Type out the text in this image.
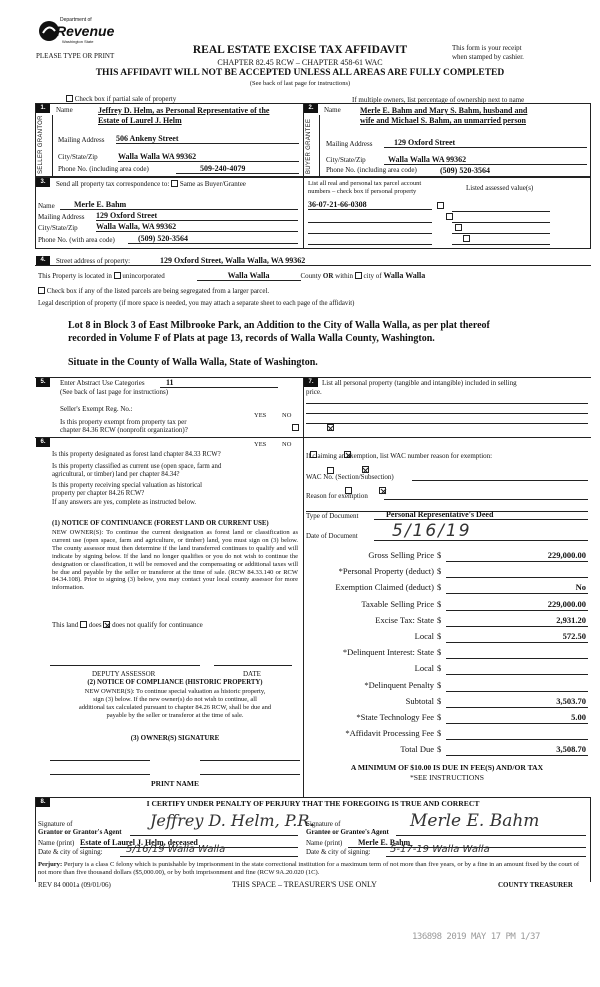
Department of
Revenue
Washington State
PLEASE TYPE OR PRINT	REAL ESTATE EXCISE TAX AFFIDAVIT
CHAPTER 82.45 RCW – CHAPTER 458-61 WAC
This form is your receipt
when stamped by cashier.
THIS AFFIDAVIT WILL NOT BE ACCEPTED UNLESS ALL AREAS ARE FULLY COMPLETED
(See back of last page for instructions)
Check box if partial sale of property	If multiple owners, list percentage of ownership next to name
1.
SELLER GRANTOR
Name	Jeffrey D. Helm, as Personal Representative of the
Estate of Laurel J. Helm
Mailing Address 506 Ankeny Street
City/State/Zip	Walla Walla WA 99362
Phone No. (including area code)	509-240-4079
2.
BUYER GRANTEE
Name Merle E. Bahm and Mary S. Bahm, husband and
wife and Michael S. Bahm, an unmarried person
Mailing Address	129 Oxford Street
City/State/Zip	Walla Walla WA 99362
Phone No. (including area code)	(509) 520-3564
3.	Send all property tax correspondence to: Same as Buyer/Grantee
Name	Merle E. Bahm
Mailing Address 129 Oxford Street
City/State/Zip Walla Walla, WA 99362
Phone No. (with area code)	(509) 520-3564
List all real and personal tax parcel account
numbers – check box if personal property	Listed assessed value(s)
36-07-21-66-0308

4.	Street address of property:	129 Oxford Street, Walla Walla, WA 99362
This Property is located in unincorporated	Walla Walla	County OR within city of Walla Walla
Check box if any of the listed parcels are being segregated from a larger parcel.
Legal description of property (if more space is needed, you may attach a separate sheet to each page of the affidavit)
Lot 8 in Block 3 of East Milbrooke Park, an Addition to the City of Walla Walla, as per plat thereof
recorded in Volume F of Plats at page 13, records of Walla Walla County, Washington.
Situate in the County of Walla Walla, State of Washington.
5.	Enter Abstract Use Categories	11
(See back of last page for instructions)
Seller's Exempt Reg. No.:
YES NO
Is this property exempt from property tax per
chapter 84.36 RCW (nonprofit organization)?

6.	YES NO
Is this property designated as forest land chapter 84.33 RCW?

Is this property classified as current use (open space, farm and
agricultural, or timber) land per chapter 84.34?

Is this property receiving special valuation as historical
property per chapter 84.26 RCW?

If any answers are yes, complete as instructed below.
(1) NOTICE OF CONTINUANCE (FOREST LAND OR CURRENT USE)
NEW OWNER(S): To continue the current designation as forest land or classification as current use (open space, farm and agriculture, or timber) land, you must sign on (3) below. The county assessor must then determine if the land transferred continues to qualify and will indicate by signing below. If the land no longer qualifies or you do not wish to continue the designation or classification, it will be removed and the compensating or additional taxes will be due and payable by the seller or transferor at the time of sale. (RCW 84.33.140 or RCW 84.34.108). Prior to signing (3) below, you may contact your local county assessor for more information.
This land does does not qualify for continuance
DEPUTY ASSESSOR	DATE
(2) NOTICE OF COMPLIANCE (HISTORIC PROPERTY)
NEW OWNER(S): To continue special valuation as historic property,
sign (3) below. If the new owner(s) do not wish to continue, all
additional tax calculated pursuant to chapter 84.26 RCW, shall be due and
payable by the seller or transferor at the time of sale.
(3) OWNER(S) SIGNATURE
PRINT NAME
7.	List all personal property (tangible and intangible) included in selling
price.
If claiming an exemption, list WAC number reason for exemption:
WAC No. (Section/Subsection)
Reason for exemption
Type of Document	Personal Representative's Deed
Date of Document 5/16/19
Gross Selling Price $	229,000.00
*Personal Property (deduct) $
Exemption Claimed (deduct) $	No
Taxable Selling Price $	229,000.00
Excise Tax: State $	2,931.20
Local $	572.50
*Delinquent Interest: State $
Local $
*Delinquent Penalty $
Subtotal $	3,503.70
*State Technology Fee $	5.00
*Affidavit Processing Fee $
Total Due $	3,508.70
A MINIMUM OF $10.00 IS DUE IN FEE(S) AND/OR TAX
*SEE INSTRUCTIONS
8.	I CERTIFY UNDER PENALTY OF PERJURY THAT THE FOREGOING IS TRUE AND CORRECT
Signature of
Grantor or Grantor's Agent
Jeffrey D. Helm, P.R.
Name (print) Estate of Laurel J. Helm, deceased
Date & city of signing:	5/16/19 Walla Walla
Signature of
Grantee or Grantee's Agent
Merle E. Bahm
Name (print)	Merle E. Bahm
Date & city of signing:	5-17-19 Walla Walla
Perjury: Perjury is a class C felony which is punishable by imprisonment in the state correctional institution for a maximum term of not more than five years, or by a fine in an amount fixed by the court of not more than five thousand dollars ($5,000.00), or by both imprisonment and fine (RCW 9A.20.020 (1C).
REV 84 0001a (09/01/06)	THIS SPACE – TREASURER'S USE ONLY	COUNTY TREASURER
136898 2019 MAY 17 PM 1/37
